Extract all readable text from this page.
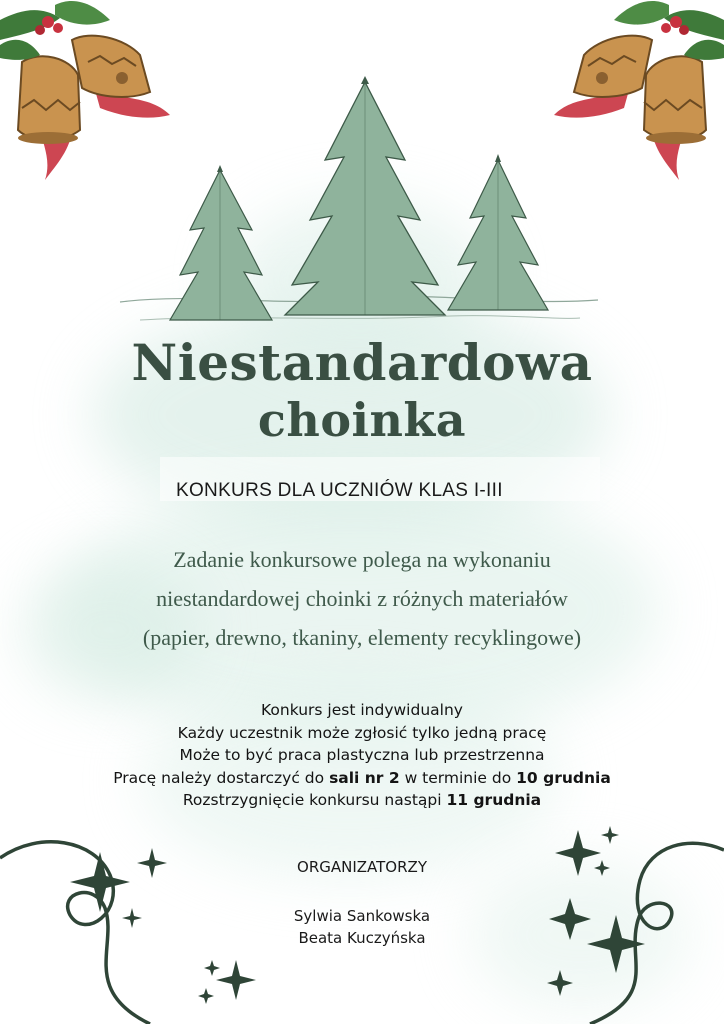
Niestandardowa
choinka
KONKURS DLA UCZNIÓW KLAS I-III
Zadanie konkursowe polega na wykonaniu
niestandardowej choinki z różnych materiałów
(papier, drewno, tkaniny, elementy recyklingowe)
Konkurs jest indywidualny
Każdy uczestnik może zgłosić tylko jedną pracę
Może to być praca plastyczna lub przestrzenna
Pracę należy dostarczyć do sali nr 2 w terminie do 10 grudnia
Rozstrzygnięcie konkursu nastąpi 11 grudnia
ORGANIZATORZY
Sylwia Sankowska
Beata Kuczyńska
